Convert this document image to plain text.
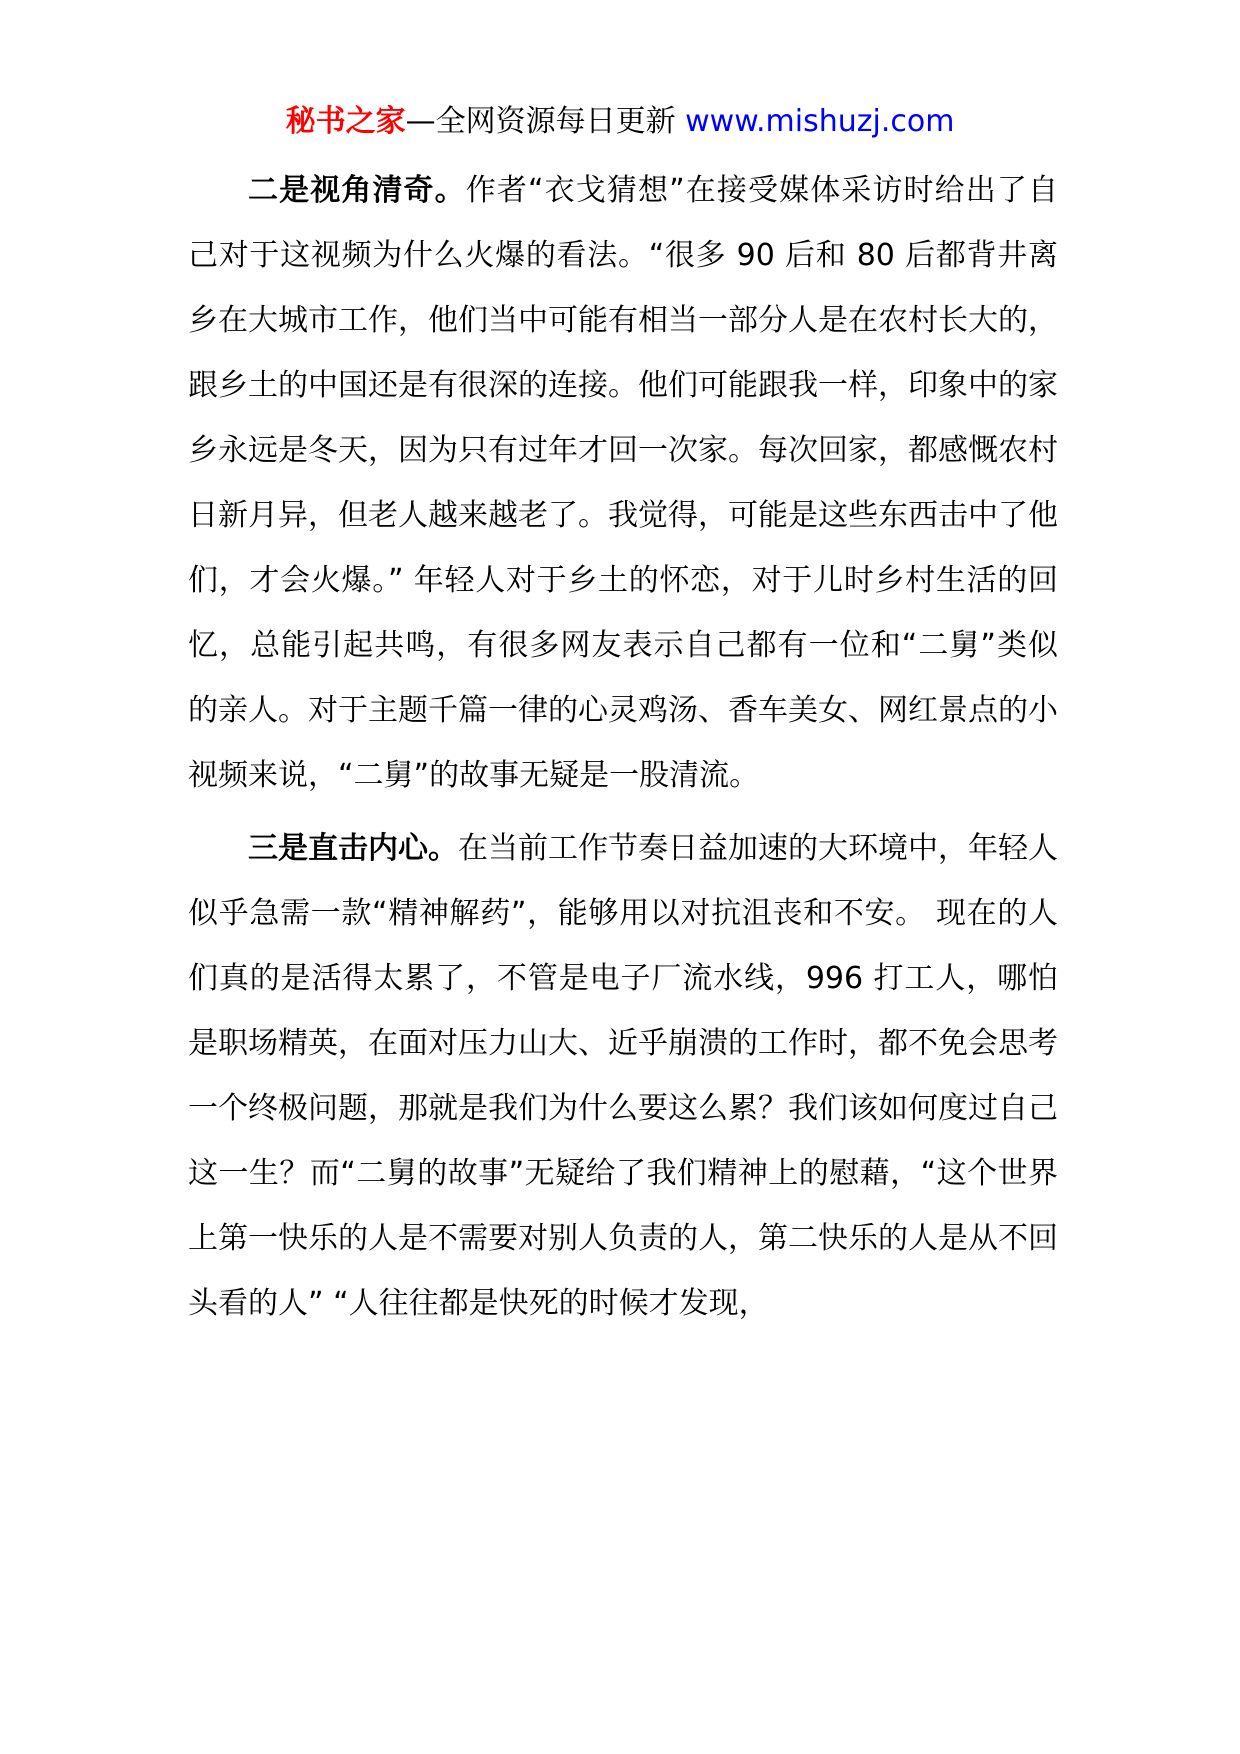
秘书之家—全网资源每日更新 www.mishuzj.com

二是视角清奇。作者“衣戈猜想”在接受媒体采访时给出了自己对于这视频为什么火爆的看法。“很多 90 后和 80 后都背井离乡在大城市工作，他们当中可能有相当一部分人是在农村长大的，跟乡土的中国还是有很深的连接。他们可能跟我一样，印象中的家乡永远是冬天，因为只有过年才回一次家。每次回家，都感慨农村日新月异，但老人越来越老了。我觉得，可能是这些东西击中了他们，才会火爆。” 年轻人对于乡土的怀恋，对于儿时乡村生活的回忆，总能引起共鸣，有很多网友表示自己都有一位和“二舅”类似的亲人。对于主题千篇一律的心灵鸡汤、香车美女、网红景点的小视频来说，“二舅”的故事无疑是一股清流。

三是直击内心。在当前工作节奏日益加速的大环境中，年轻人似乎急需一款“精神解药”，能够用以对抗沮丧和不安。 现在的人们真的是活得太累了，不管是电子厂流水线，996 打工人，哪怕是职场精英，在面对压力山大、近乎崩溃的工作时，都不免会思考一个终极问题，那就是我们为什么要这么累？我们该如何度过自己这一生？而“二舅的故事”无疑给了我们精神上的慰藉，“这个世界上第一快乐的人是不需要对别人负责的人，第二快乐的人是从不回头看的人” “人往往都是快死的时候才发现，
